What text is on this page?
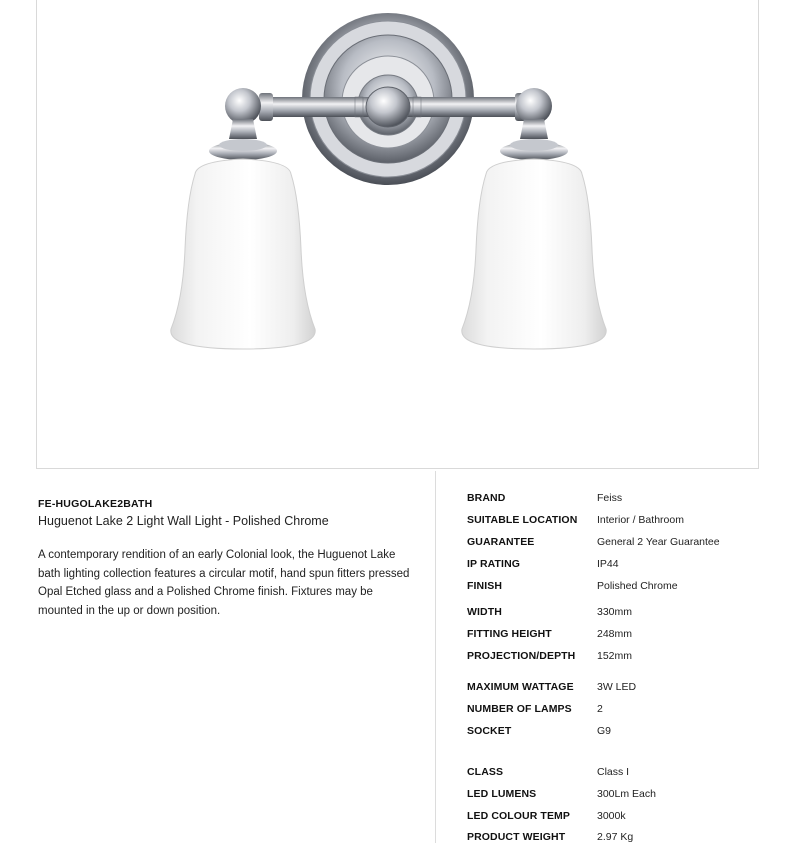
FE-HUGOLAKE2BATH
Huguenot Lake 2 Light Wall Light - Polished Chrome
A contemporary rendition of an early Colonial look, the Huguenot Lake bath lighting collection features a circular motif, hand spun fitters pressed Opal Etched glass and a Polished Chrome finish. Fixtures may be mounted in the up or down position.
BRAND	Feiss
SUITABLE LOCATION Interior / Bathroom
GUARANTEE	General 2 Year Guarantee
IP RATING	IP44
FINISH	Polished Chrome
WIDTH	330mm
FITTING HEIGHT	248mm
PROJECTION/DEPTH 152mm
MAXIMUM WATTAGE 3W LED
NUMBER OF LAMPS 2
SOCKET	G9
CLASS	Class I
LED LUMENS	300Lm Each
LED COLOUR TEMP	3000k
PRODUCT WEIGHT	2.97 Kg
